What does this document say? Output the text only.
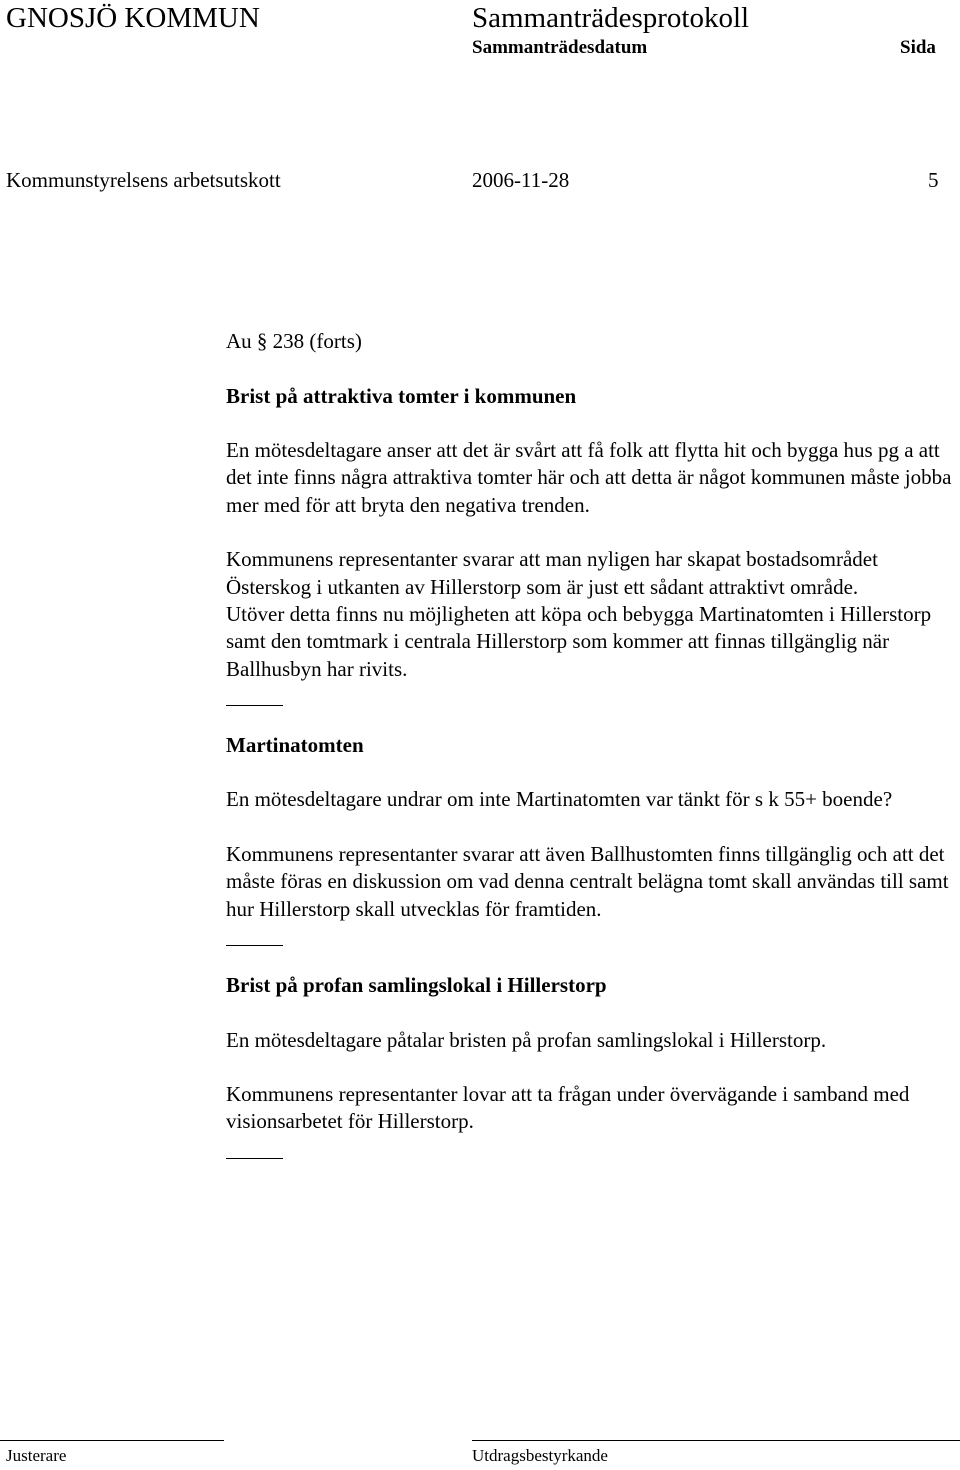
GNOSJÖ KOMMUN	Sammanträdesprotokoll
Sammanträdesdatum	Sida
Kommunstyrelsens arbetsutskott	2006-11-28	5

Au § 238 (forts)

Brist på attraktiva tomter i kommunen

En mötesdeltagare anser att det är svårt att få folk att flytta hit och bygga hus pg a att det inte finns några attraktiva tomter här och att detta är något kommunen måste jobba mer med för att bryta den negativa trenden.

Kommunens representanter svarar att man nyligen har skapat bostadsområdet Österskog i utkanten av Hillerstorp som är just ett sådant attraktivt område.

Utöver detta finns nu möjligheten att köpa och bebygga Martinatomten i Hillerstorp samt den tomtmark i centrala Hillerstorp som kommer att finnas tillgänglig när Ballhusbyn har rivits.

Martinatomten

En mötesdeltagare undrar om inte Martinatomten var tänkt för s k 55+ boende?

Kommunens representanter svarar att även Ballhustomten finns tillgänglig och att det måste föras en diskussion om vad denna centralt belägna tomt skall användas till samt hur Hillerstorp skall utvecklas för framtiden.

Brist på profan samlingslokal i Hillerstorp

En mötesdeltagare påtalar bristen på profan samlingslokal i Hillerstorp.

Kommunens representanter lovar att ta frågan under övervägande i samband med visionsarbetet för Hillerstorp.

Justerare	Utdragsbestyrkande
